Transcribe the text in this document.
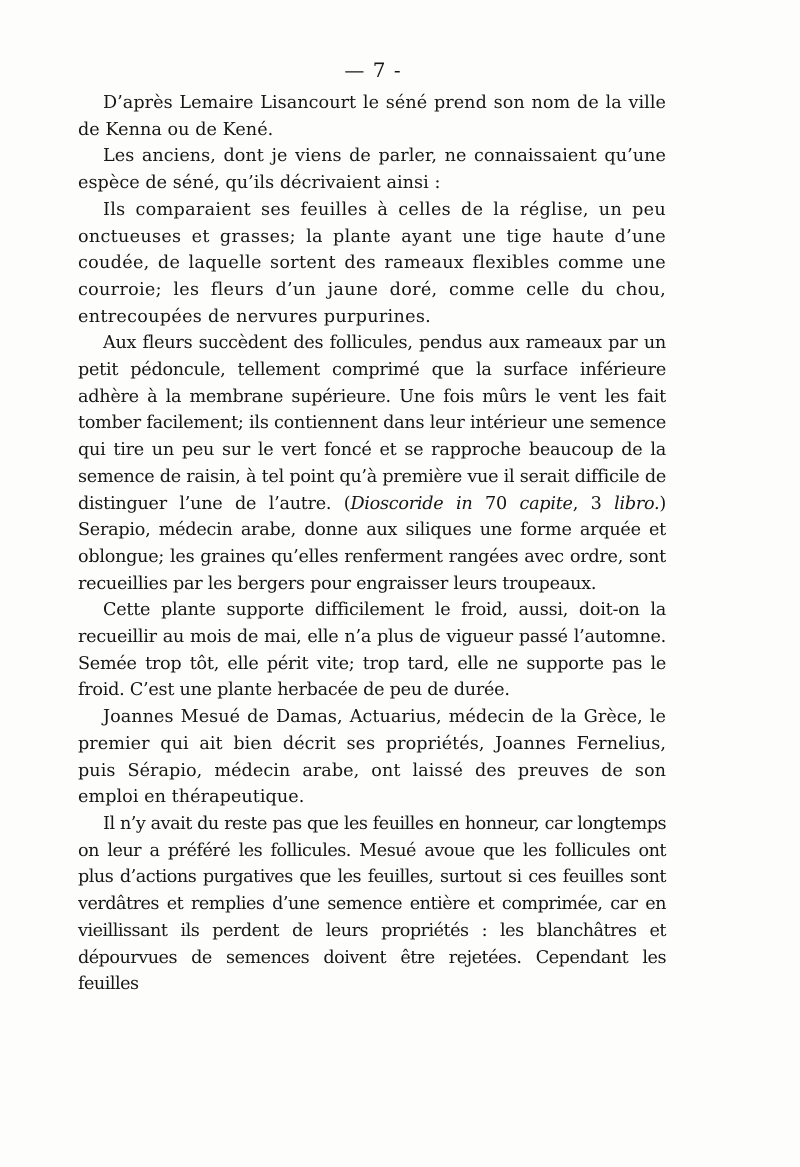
— 7 -

D’après Lemaire Lisancourt le séné prend son nom de la ville de Kenna ou de Kené.

Les anciens, dont je viens de parler, ne connaissaient qu’une espèce de séné, qu’ils décrivaient ainsi :

Ils comparaient ses feuilles à celles de la réglise, un peu onctueuses et grasses; la plante ayant une tige haute d’une coudée, de laquelle sortent des rameaux flexibles comme une courroie; les fleurs d’un jaune doré, comme celle du chou, entrecoupées de nervures purpurines.

Aux fleurs succèdent des follicules, pendus aux rameaux par un petit pédoncule, tellement comprimé que la surface inférieure adhère à la membrane supérieure. Une fois mûrs le vent les fait tomber facilement; ils contiennent dans leur intérieur une semence qui tire un peu sur le vert foncé et se rapproche beaucoup de la semence de raisin, à tel point qu’à première vue il serait difficile de distinguer l’une de l’autre. (Dioscoride in 70 capite, 3 libro.) Serapio, médecin arabe, donne aux siliques une forme arquée et oblongue; les graines qu’elles renferment rangées avec ordre, sont recueillies par les bergers pour engraisser leurs troupeaux.

Cette plante supporte difficilement le froid, aussi, doit-on la recueillir au mois de mai, elle n’a plus de vigueur passé l’automne. Semée trop tôt, elle périt vite; trop tard, elle ne supporte pas le froid. C’est une plante herbacée de peu de durée.

Joannes Mesué de Damas, Actuarius, médecin de la Grèce, le premier qui ait bien décrit ses propriétés, Joannes Fernelius, puis Sérapio, médecin arabe, ont laissé des preuves de son emploi en thérapeutique.

Il n’y avait du reste pas que les feuilles en honneur, car longtemps on leur a préféré les follicules. Mesué avoue que les follicules ont plus d’actions purgatives que les feuilles, surtout si ces feuilles sont verdâtres et remplies d’une semence entière et comprimée, car en vieillissant ils perdent de leurs propriétés : les blanchâtres et dépourvues de semences doivent être rejetées. Cependant les feuilles
